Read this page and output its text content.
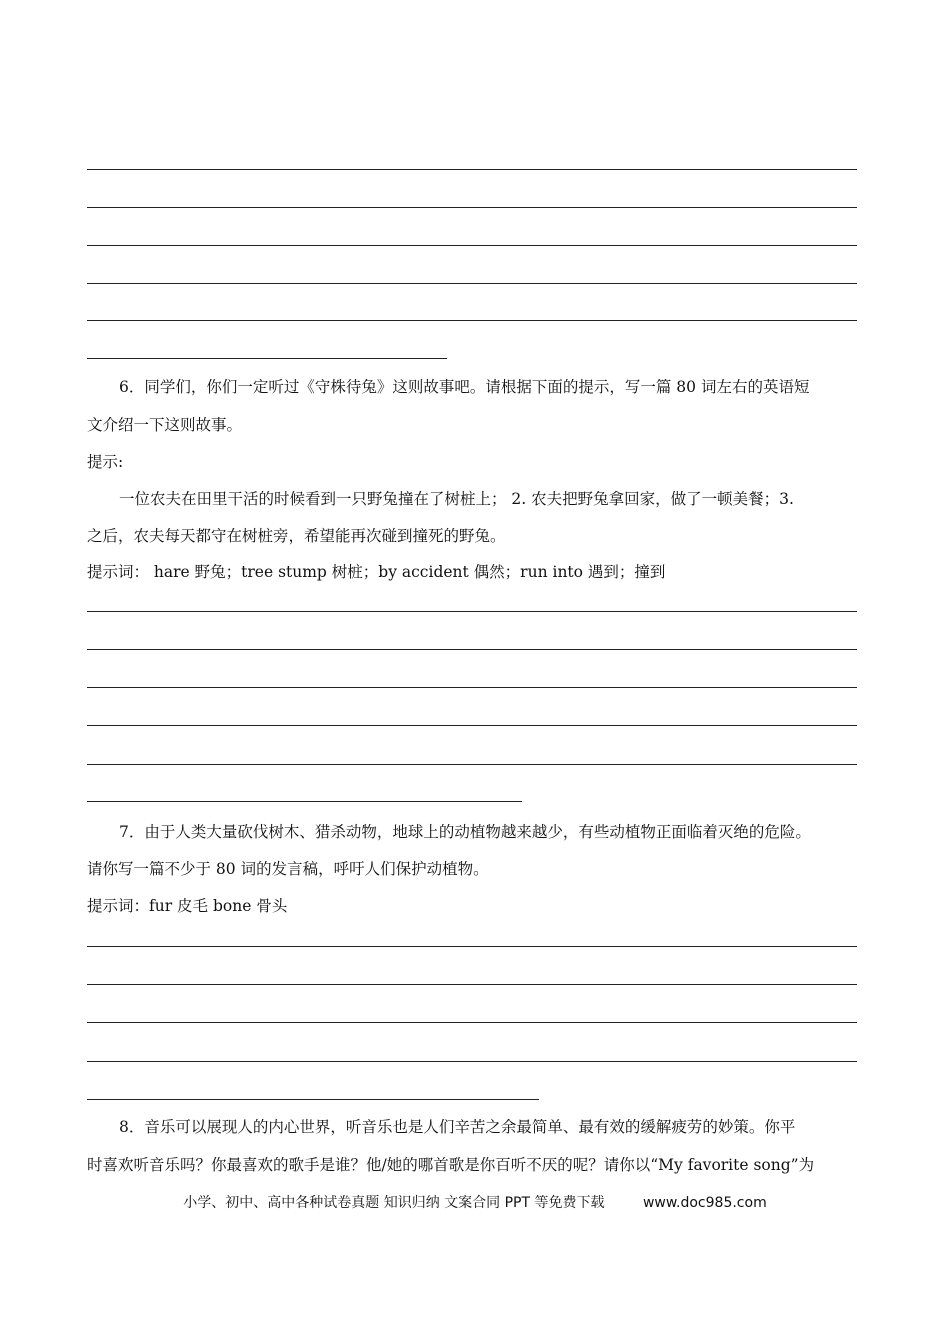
6．同学们，你们一定听过《守株待兔》这则故事吧。请根据下面的提示，写一篇 80 词左右的英语短
文介绍一下这则故事。
提示:
一位农夫在田里干活的时候看到一只野兔撞在了树桩上； 2. 农夫把野兔拿回家，做了一顿美餐；3.
之后，农夫每天都守在树桩旁，希望能再次碰到撞死的野兔。
提示词： hare 野兔；tree stump 树桩；by accident 偶然；run into 遇到；撞到
7．由于人类大量砍伐树木、猎杀动物，地球上的动植物越来越少，有些动植物正面临着灭绝的危险。
请你写一篇不少于 80 词的发言稿，呼吁人们保护动植物。
提示词：fur 皮毛 bone 骨头
8．音乐可以展现人的内心世界，听音乐也是人们辛苦之余最简单、最有效的缓解疲劳的妙策。你平
时喜欢听音乐吗？你最喜欢的歌手是谁？他/她的哪首歌是你百听不厌的呢？请你以“My favorite song”为
小学、初中、高中各种试卷真题 知识归纳 文案合同 PPT 等免费下载	www.doc985.com
